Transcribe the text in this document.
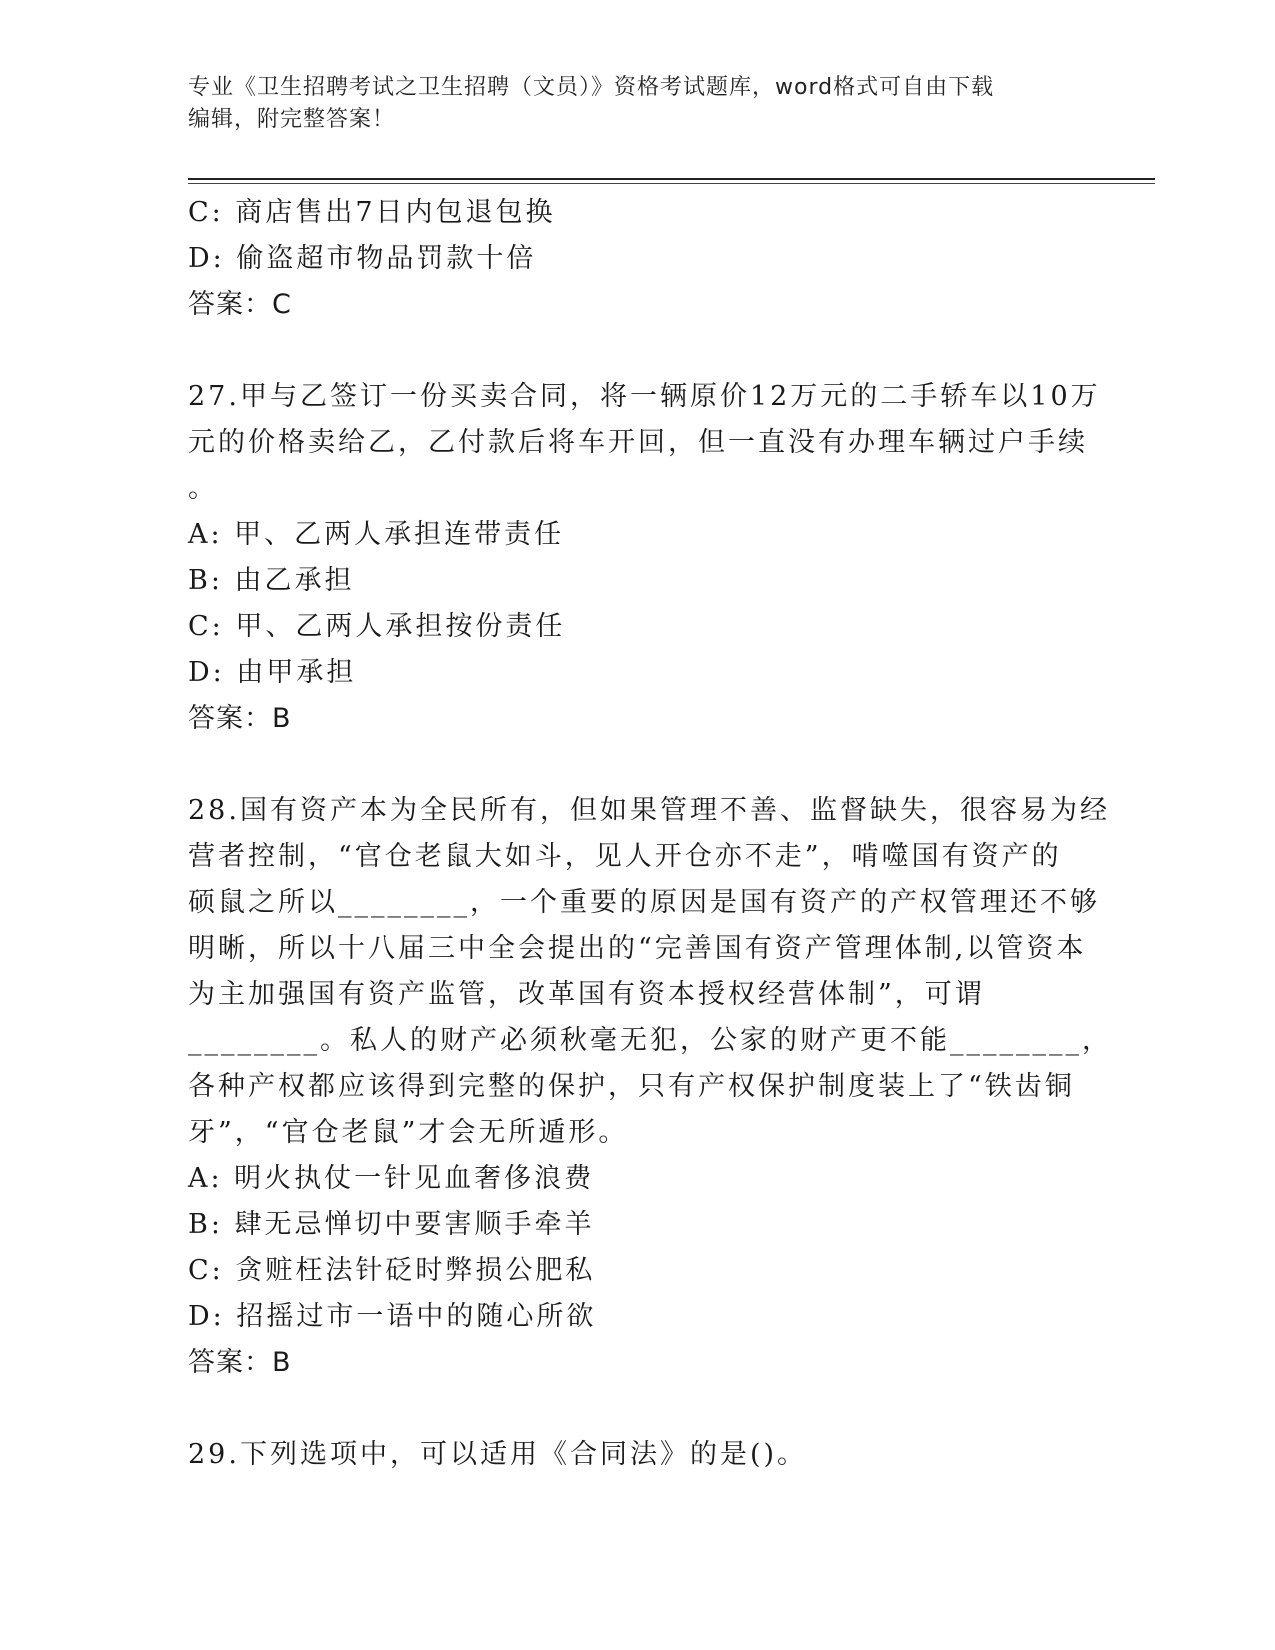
专业《卫生招聘考试之卫生招聘（文员）》资格考试题库，word格式可自由下载
编辑，附完整答案！
C: 商店售出7日内包退包换
D: 偷盗超市物品罚款十倍
答案：C
27.甲与乙签订一份买卖合同，将一辆原价12万元的二手轿车以10万
元的价格卖给乙，乙付款后将车开回，但一直没有办理车辆过户手续
。
A: 甲、乙两人承担连带责任
B: 由乙承担
C: 甲、乙两人承担按份责任
D: 由甲承担
答案：B
28.国有资产本为全民所有，但如果管理不善、监督缺失，很容易为经
营者控制，“官仓老鼠大如斗，见人开仓亦不走”，啃噬国有资产的
硕鼠之所以________，一个重要的原因是国有资产的产权管理还不够
明晰，所以十八届三中全会提出的“完善国有资产管理体制,以管资本
为主加强国有资产监管，改革国有资本授权经营体制”，可谓
________。私人的财产必须秋毫无犯，公家的财产更不能________，
各种产权都应该得到完整的保护，只有产权保护制度装上了“铁齿铜
牙”，“官仓老鼠”才会无所遁形。
A: 明火执仗一针见血奢侈浪费
B: 肆无忌惮切中要害顺手牵羊
C: 贪赃枉法针砭时弊损公肥私
D: 招摇过市一语中的随心所欲
答案：B
29.下列选项中，可以适用《合同法》的是()。
